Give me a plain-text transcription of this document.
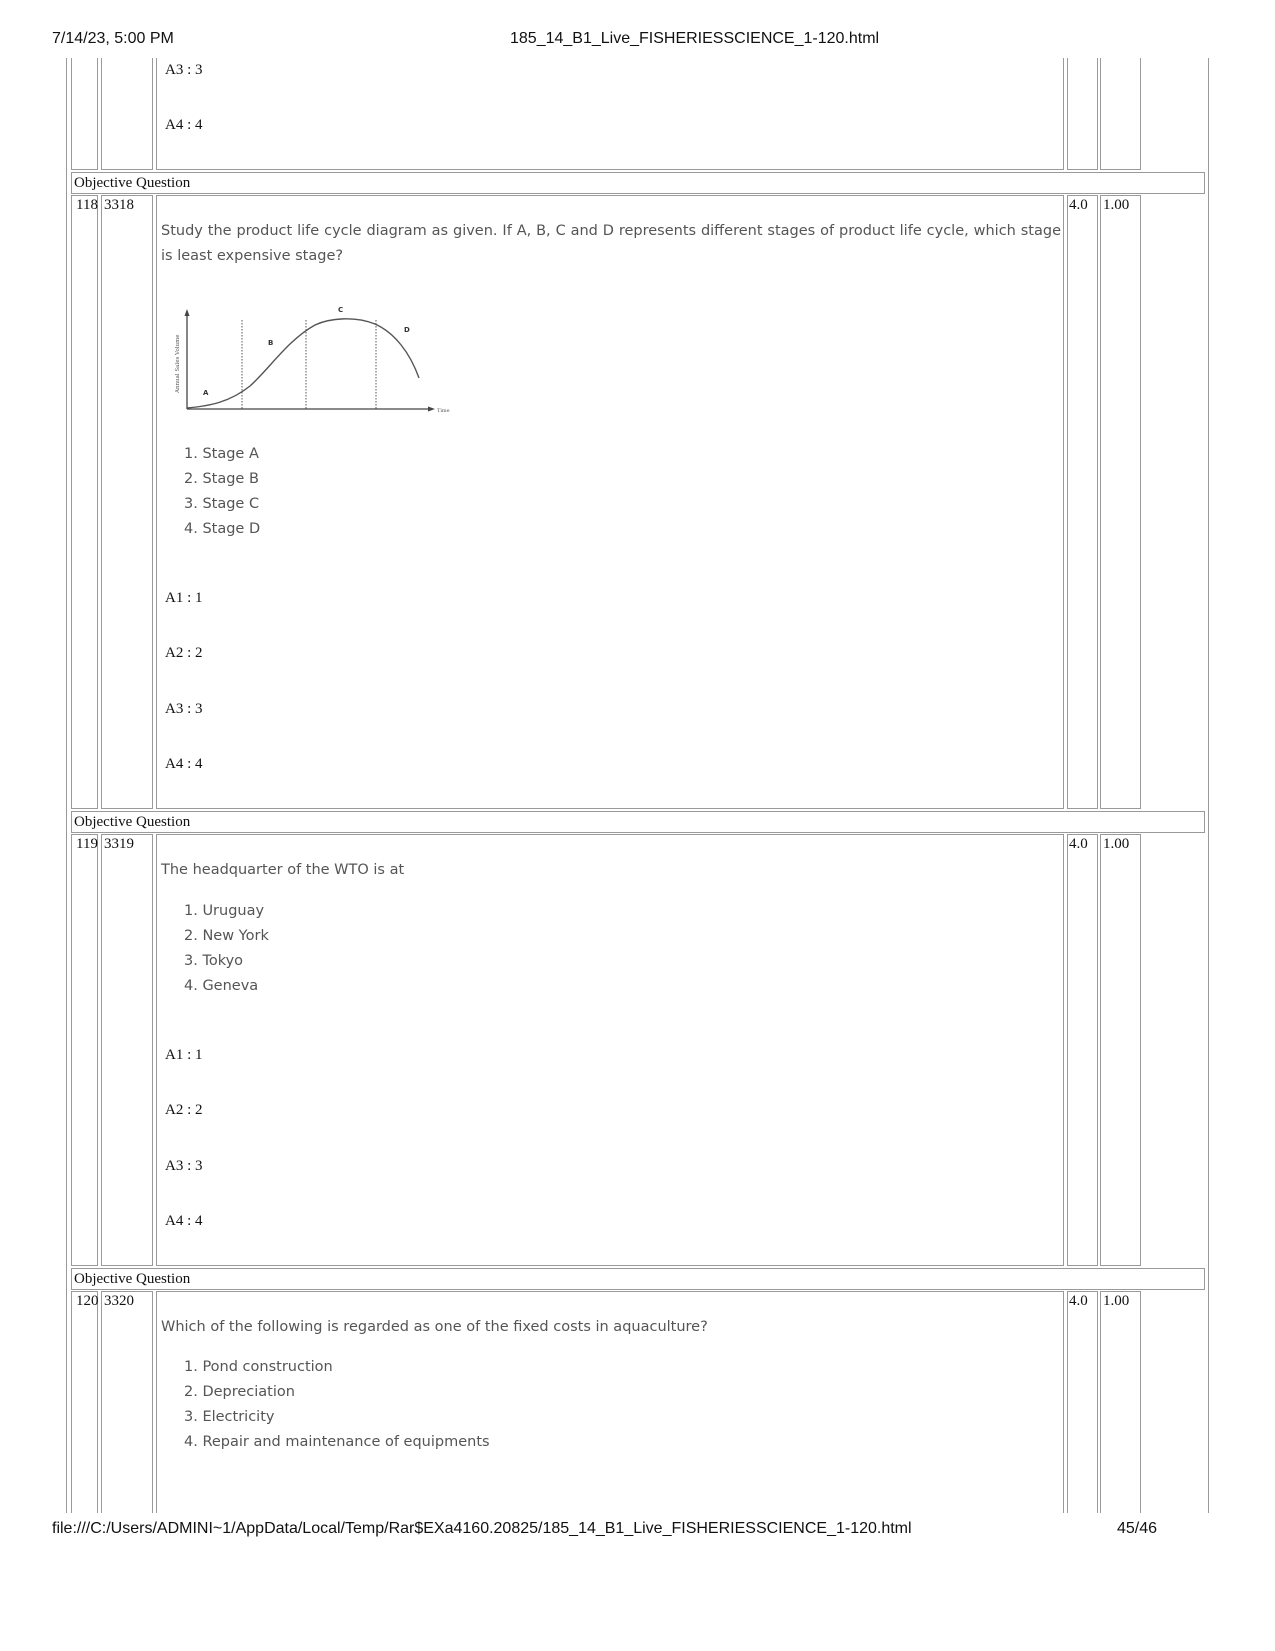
7/14/23, 5:00 PM	185_14_B1_Live_FISHERIESSCIENCE_1-120.html
A3 : 3
A4 : 4
Objective Question
118 3318	4.0 1.00
Study the product life cycle diagram as given. If A, B, C and D represents different stages of product life cycle, which stage is least expensive stage?
Time
Annual Sales Volume	A
B
C
D
1. Stage A
2. Stage B
3. Stage C
4. Stage D
A1 : 1
A2 : 2
A3 : 3
A4 : 4
Objective Question
119 3319	4.0 1.00
The headquarter of the WTO is at
1. Uruguay
2. New York
3. Tokyo
4. Geneva
A1 : 1
A2 : 2
A3 : 3
A4 : 4
Objective Question
120 3320	4.0 1.00
Which of the following is regarded as one of the fixed costs in aquaculture?
1. Pond construction
2. Depreciation
3. Electricity
4. Repair and maintenance of equipments
file:///C:/Users/ADMINI~1/AppData/Local/Temp/Rar$EXa4160.20825/185_14_B1_Live_FISHERIESSCIENCE_1-120.html	45/46
